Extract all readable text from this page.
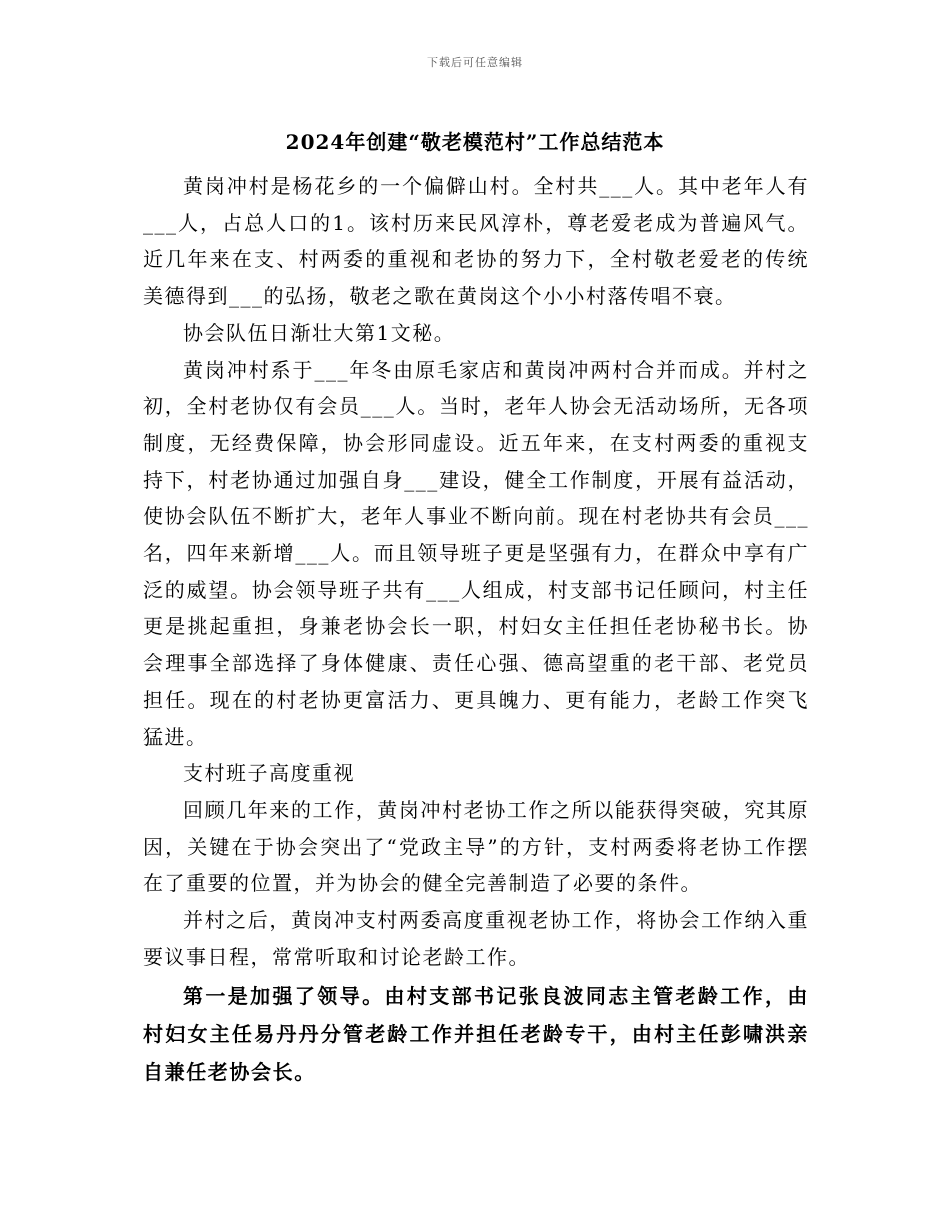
下载后可任意编辑
2024年创建“敬老模范村”工作总结范本

黄岗冲村是杨花乡的一个偏僻山村。全村共___人。其中老年人有___人，占总人口的1。该村历来民风淳朴，尊老爱老成为普遍风气。近几年来在支、村两委的重视和老协的努力下，全村敬老爱老的传统美德得到___的弘扬，敬老之歌在黄岗这个小小村落传唱不衰。

协会队伍日渐壮大第1文秘。

黄岗冲村系于___年冬由原毛家店和黄岗冲两村合并而成。并村之初，全村老协仅有会员___人。当时，老年人协会无活动场所，无各项制度，无经费保障，协会形同虚设。近五年来，在支村两委的重视支持下，村老协通过加强自身___建设，健全工作制度，开展有益活动，使协会队伍不断扩大，老年人事业不断向前。现在村老协共有会员___名，四年来新增___人。而且领导班子更是坚强有力，在群众中享有广泛的威望。协会领导班子共有___人组成，村支部书记任顾问，村主任更是挑起重担，身兼老协会长一职，村妇女主任担任老协秘书长。协会理事全部选择了身体健康、责任心强、德高望重的老干部、老党员担任。现在的村老协更富活力、更具魄力、更有能力，老龄工作突飞猛进。

支村班子高度重视

回顾几年来的工作，黄岗冲村老协工作之所以能获得突破，究其原因，关键在于协会突出了“党政主导”的方针，支村两委将老协工作摆在了重要的位置，并为协会的健全完善制造了必要的条件。

并村之后，黄岗冲支村两委高度重视老协工作，将协会工作纳入重要议事日程，常常听取和讨论老龄工作。

第一是加强了领导。由村支部书记张良波同志主管老龄工作，由村妇女主任易丹丹分管老龄工作并担任老龄专干，由村主任彭啸洪亲自兼任老协会长。
